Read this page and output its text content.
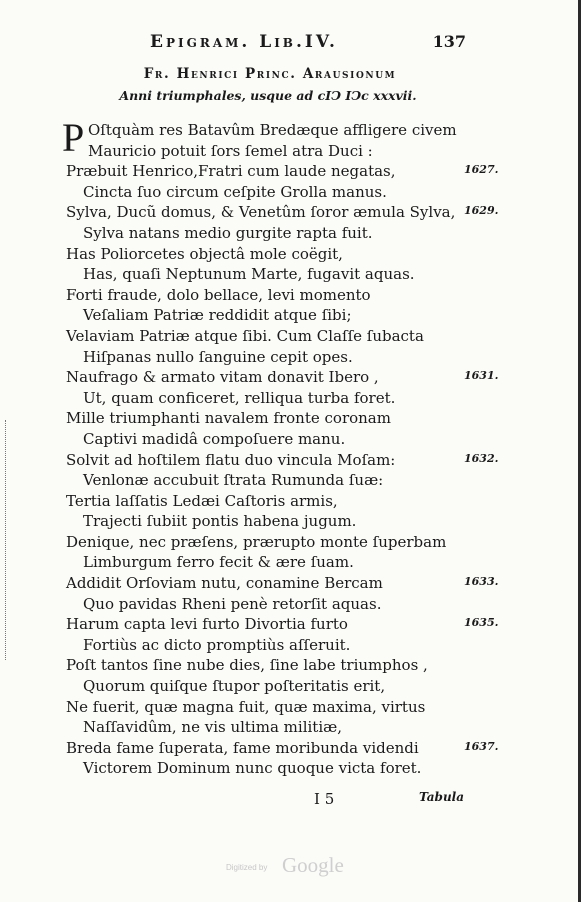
Epigram. Lib.IV.	137
Fr. Henrici Princ. Arausionum
Anni triumphales, usque ad cIↃ IↃc xxxvii.
P Oſtquàm res Batavûm Bredæque affligere civem
Mauricio potuit ſors ſemel atra Duci :
Præbuit Henrico,Fratri cum laude negatas,
Cincta ſuo circum ceſpite Grolla manus.
Sylva, Ducũ domus, & Venetûm ſoror æmula Sylva,
Sylva natans medio gurgite rapta fuit.
Has Poliorcetes objectâ mole coëgit,
Has, quaſi Neptunum Marte, fugavit aquas.
Forti fraude, dolo bellace, levi momento
Veſaliam Patriæ reddidit atque ſibi;
Velaviam Patriæ atque ſibi. Cum Claſſe ſubacta
Hiſpanas nullo ſanguine cepit opes.
Naufrago & armato vitam donavit Ibero ,
Ut, quam conficeret, relliqua turba foret.
Mille triumphanti navalem fronte coronam
Captivi madidâ compoſuere manu.
Solvit ad hoſtilem flatu duo vincula Moſam:
Venlonæ accubuit ſtrata Rumunda ſuæ:
Tertia laſſatis Ledæi Caſtoris armis,
Trajecti ſubiit pontis habena jugum.
Denique, nec præſens, prærupto monte ſuperbam
Limburgum ferro fecit & ære ſuam.
Addidit Orſoviam nutu, conamine Bercam
Quo pavidas Rheni penè retorſit aquas.
Harum capta levi furto Divortia furto
Fortiùs ac dicto promptiùs aſſeruit.
Poſt tantos ſine nube dies, ſine labe triumphos ,
Quorum quiſque ſtupor poſteritatis erit,
Ne fuerit, quæ magna fuit, quæ maxima, virtus
Naſſavidûm, ne vis ultima militiæ,
Breda fame ſuperata, fame moribunda videndi
Victorem Dominum nunc quoque victa foret.
I 5	Tabula
Digitized by Google
1627.
1629.
1631.
1632.
1633.
1635.
1637.
